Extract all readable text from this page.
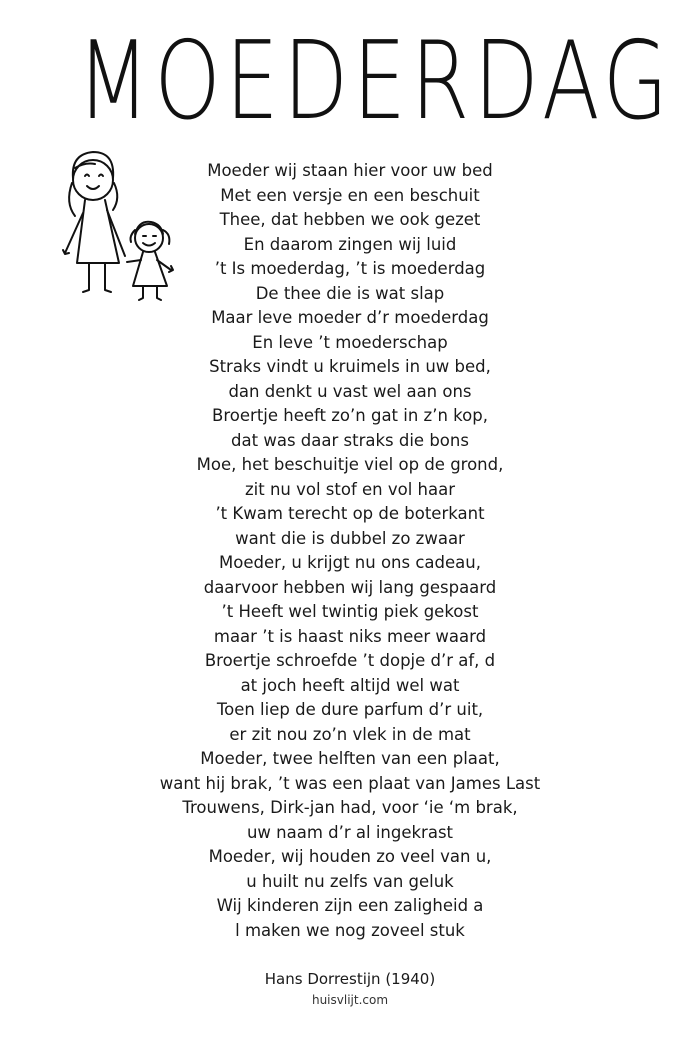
MOEDERDAG
Moeder wij staan hier voor uw bed
Met een versje en een beschuit
Thee, dat hebben we ook gezet
En daarom zingen wij luid
’t Is moederdag, ’t is moederdag
De thee die is wat slap
Maar leve moeder d’r moederdag
En leve ’t moederschap
Straks vindt u kruimels in uw bed,
dan denkt u vast wel aan ons
Broertje heeft zo’n gat in z’n kop,
dat was daar straks die bons
Moe, het beschuitje viel op de grond,
zit nu vol stof en vol haar
’t Kwam terecht op de boterkant
want die is dubbel zo zwaar
Moeder, u krijgt nu ons cadeau,
daarvoor hebben wij lang gespaard
’t Heeft wel twintig piek gekost
maar ’t is haast niks meer waard
Broertje schroefde ’t dopje d’r af, d
at joch heeft altijd wel wat
Toen liep de dure parfum d’r uit,
er zit nou zo’n vlek in de mat
Moeder, twee helften van een plaat,
want hij brak, ’t was een plaat van James Last
Trouwens, Dirk-jan had, voor ‘ie ‘m brak,
uw naam d’r al ingekrast
Moeder, wij houden zo veel van u,
u huilt nu zelfs van geluk
Wij kinderen zijn een zaligheid a
l maken we nog zoveel stuk
Hans Dorrestijn (1940)
huisvlijt.com
